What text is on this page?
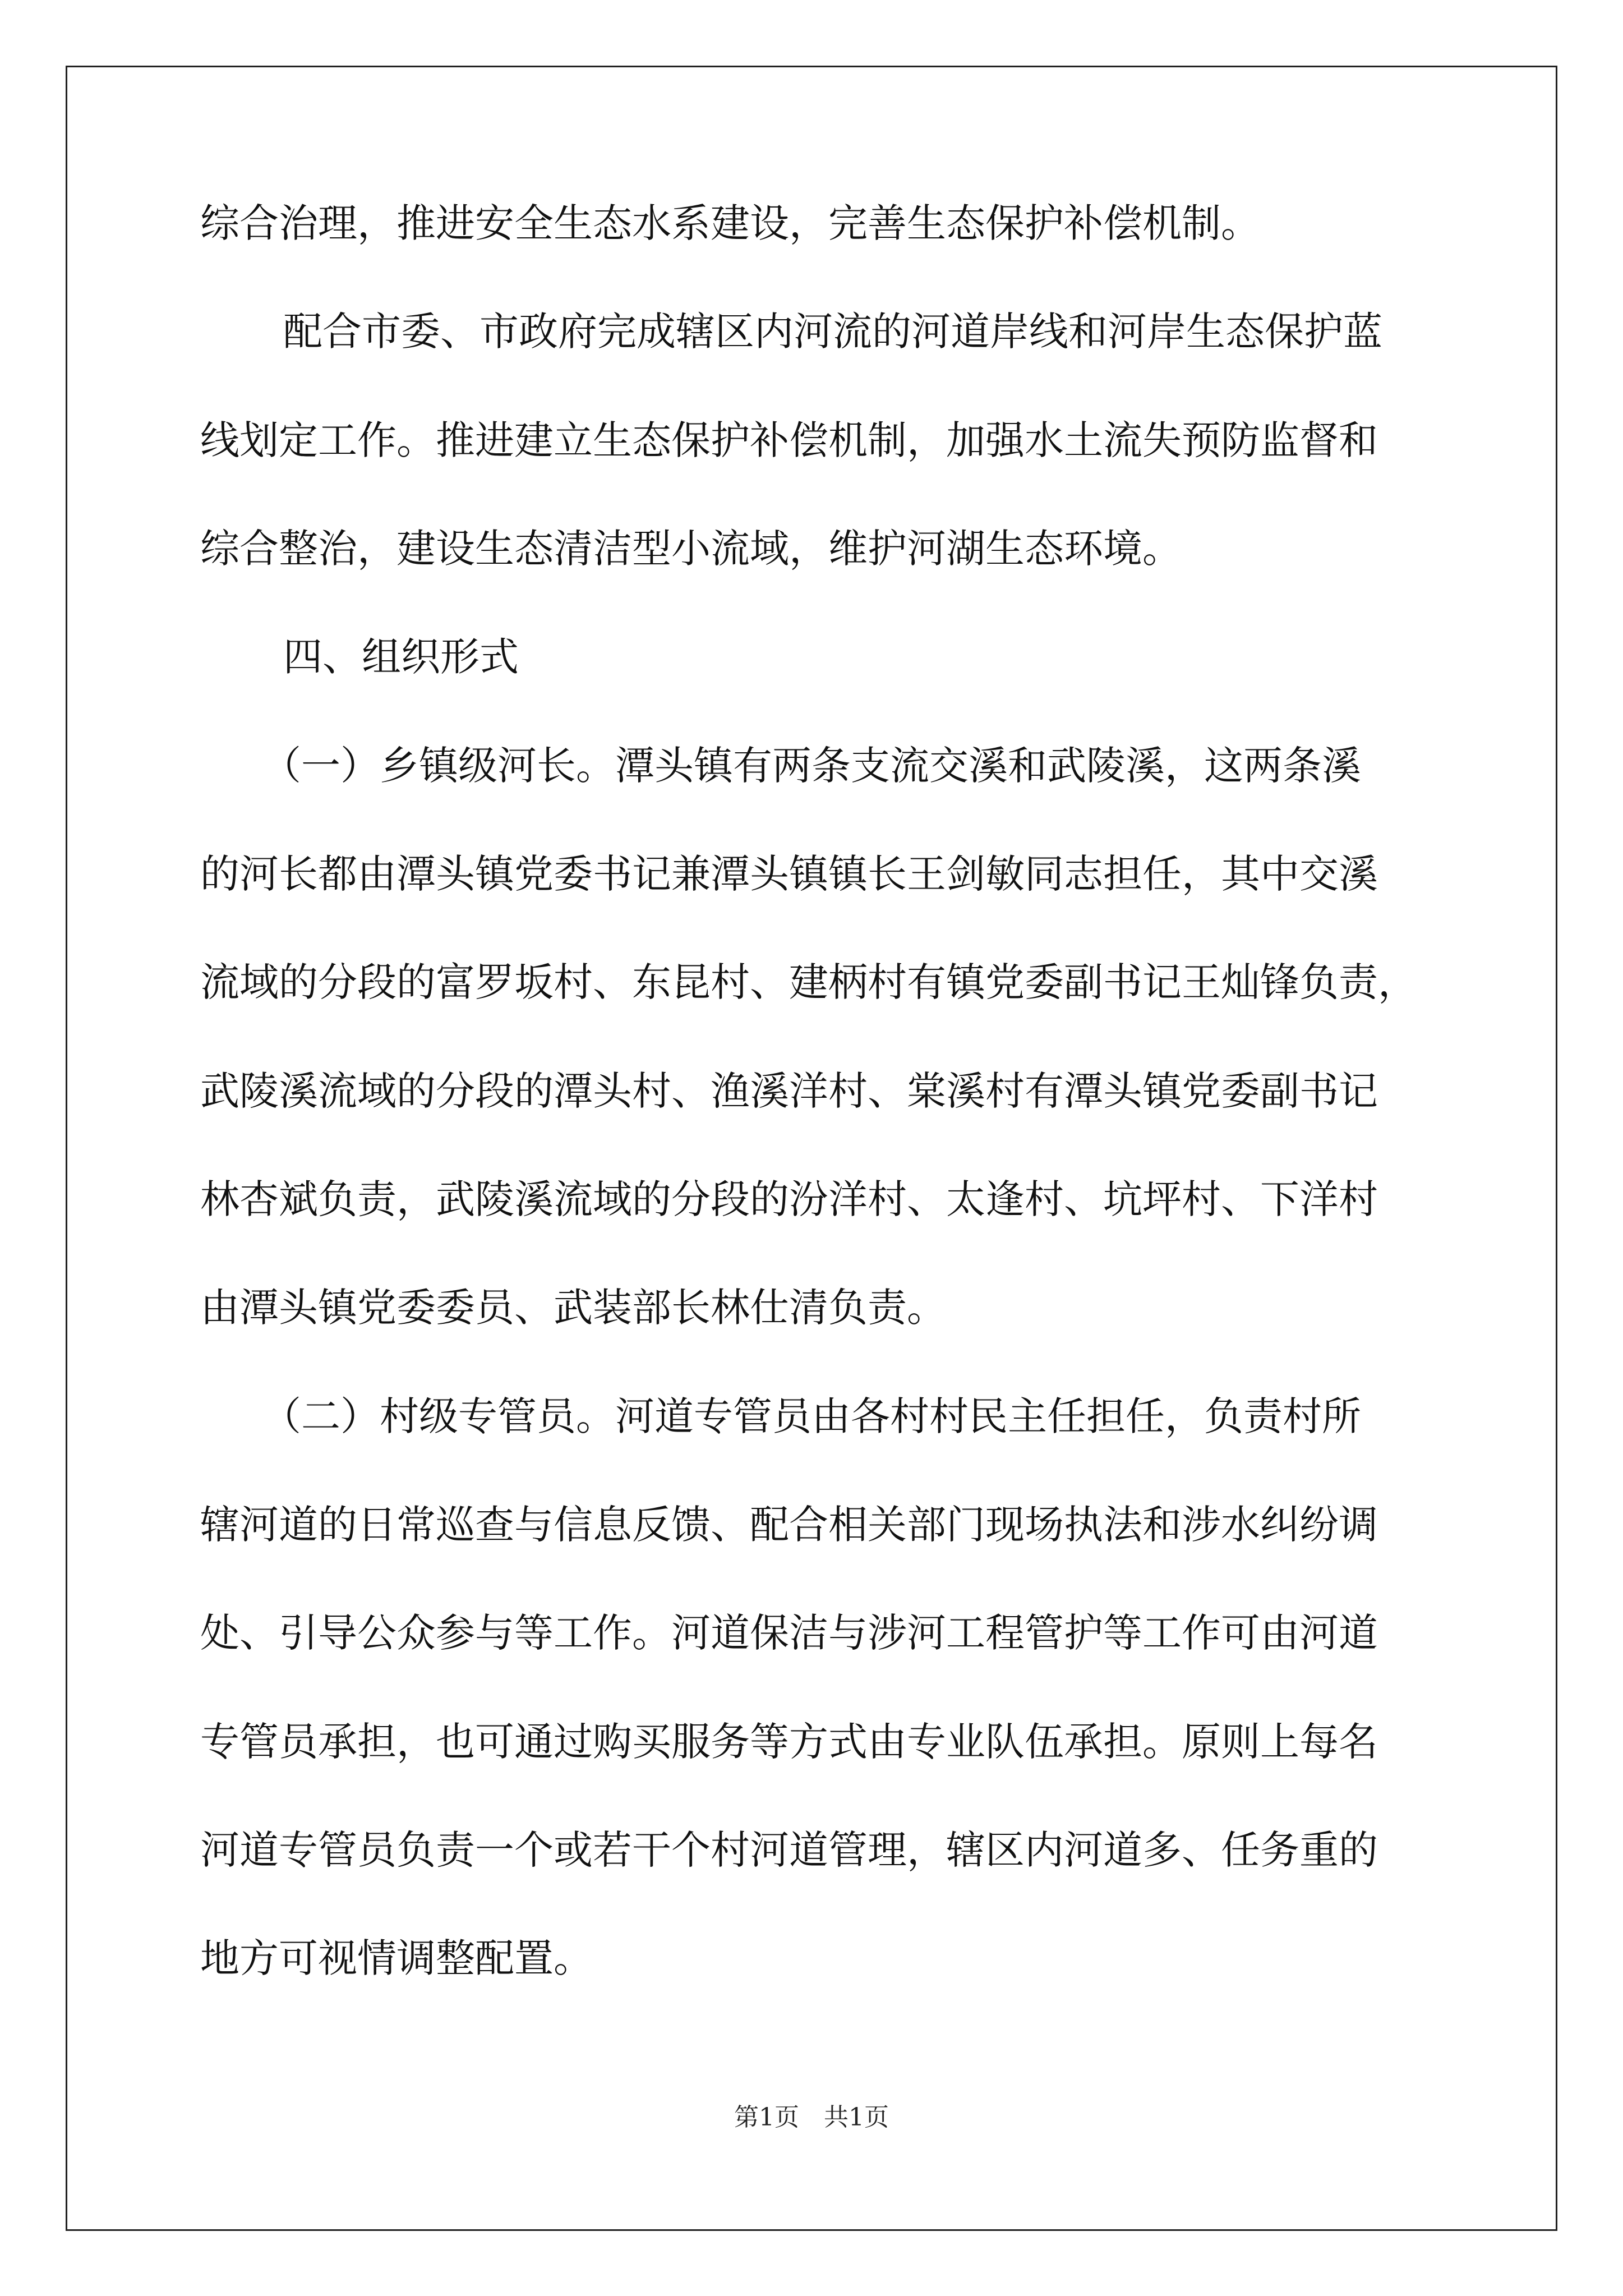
综合治理，推进安全生态水系建设，完善生态保护补偿机制。
配合市委、市政府完成辖区内河流的河道岸线和河岸生态保护蓝
线划定工作。推进建立生态保护补偿机制，加强水土流失预防监督和
综合整治，建设生态清洁型小流域，维护河湖生态环境。
四、组织形式
（一）乡镇级河长。潭头镇有两条支流交溪和武陵溪，这两条溪
的河长都由潭头镇党委书记兼潭头镇镇长王剑敏同志担任，其中交溪
流域的分段的富罗坂村、东昆村、建柄村有镇党委副书记王灿锋负责，
武陵溪流域的分段的潭头村、渔溪洋村、棠溪村有潭头镇党委副书记
林杏斌负责，武陵溪流域的分段的汾洋村、太逢村、坑坪村、下洋村
由潭头镇党委委员、武装部长林仕清负责。
（二）村级专管员。河道专管员由各村村民主任担任，负责村所
辖河道的日常巡查与信息反馈、配合相关部门现场执法和涉水纠纷调
处、引导公众参与等工作。河道保洁与涉河工程管护等工作可由河道
专管员承担，也可通过购买服务等方式由专业队伍承担。原则上每名
河道专管员负责一个或若干个村河道管理，辖区内河道多、任务重的
地方可视情调整配置。
第1页　共1页
